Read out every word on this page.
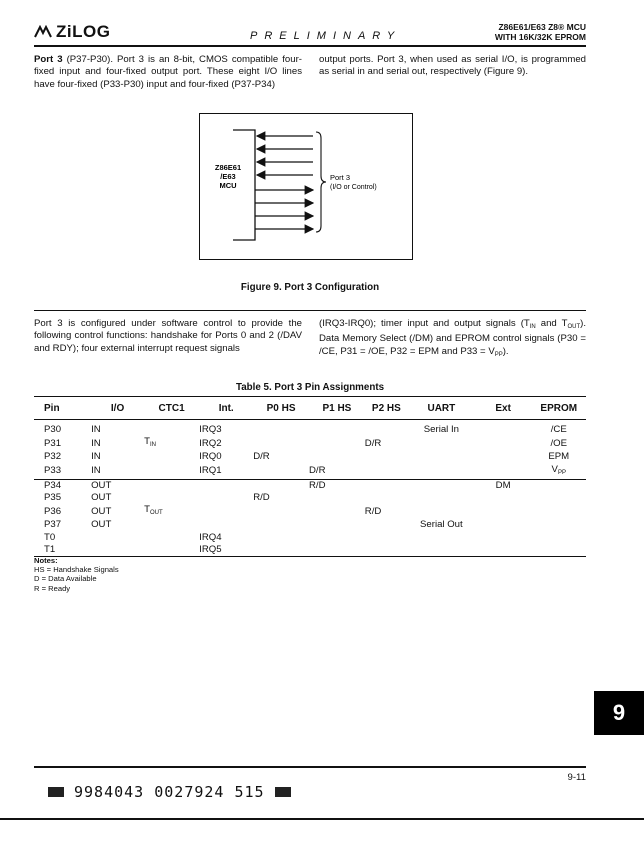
ZiLOG	PRELIMINARY
Z86E61/E63 Z8® MCU
WITH 16K/32K EPROM
Port 3 (P37-P30). Port 3 is an 8-bit, CMOS compatible four-fixed input and four-fixed output port. These eight I/O lines have four-fixed (P33-P30) input and four-fixed (P37-P34)
output ports. Port 3, when used as serial I/O, is programmed as serial in and serial out, respectively (Figure 9).
Z86E61
/E63
MCU
Port 3
(I/O or Control)
Figure 9. Port 3 Configuration
Port 3 is configured under software control to provide the following control functions: handshake for Ports 0 and 2 (/DAV and RDY); four external interrupt request signals
(IRQ3-IRQ0); timer input and output signals ($T_{IN}$ and $T_{OUT}$). Data Memory Select (/DM) and EPROM control signals (P30 = /CE, P31 = /OE, P32 = EPM and $P33 = V_{PP}$).
Table 5. Port 3 Pin Assignments
Pin	I/O	CTC1	Int.	P0 HS	P1 HS	P2 HS	UART	Ext	EPROM

P30	IN		IRQ3				Serial In		/CE
P31	IN	$T_{IN}$	IRQ2			D/R			/OE
P32	IN		IRQ0	D/R					EPM
P33	IN		IRQ1		D/R				$V_{PP}$
P34	OUT				R/D			DM	
P35	OUT			R/D					
P36	OUT	$T_{OUT}$				R/D			
P37	OUT						Serial Out		
T0			IRQ4						
T1			IRQ5						
Notes:
HS = Handshake Signals
D = Data Available
R = Ready
9
9-11
9984043 0027924 515
